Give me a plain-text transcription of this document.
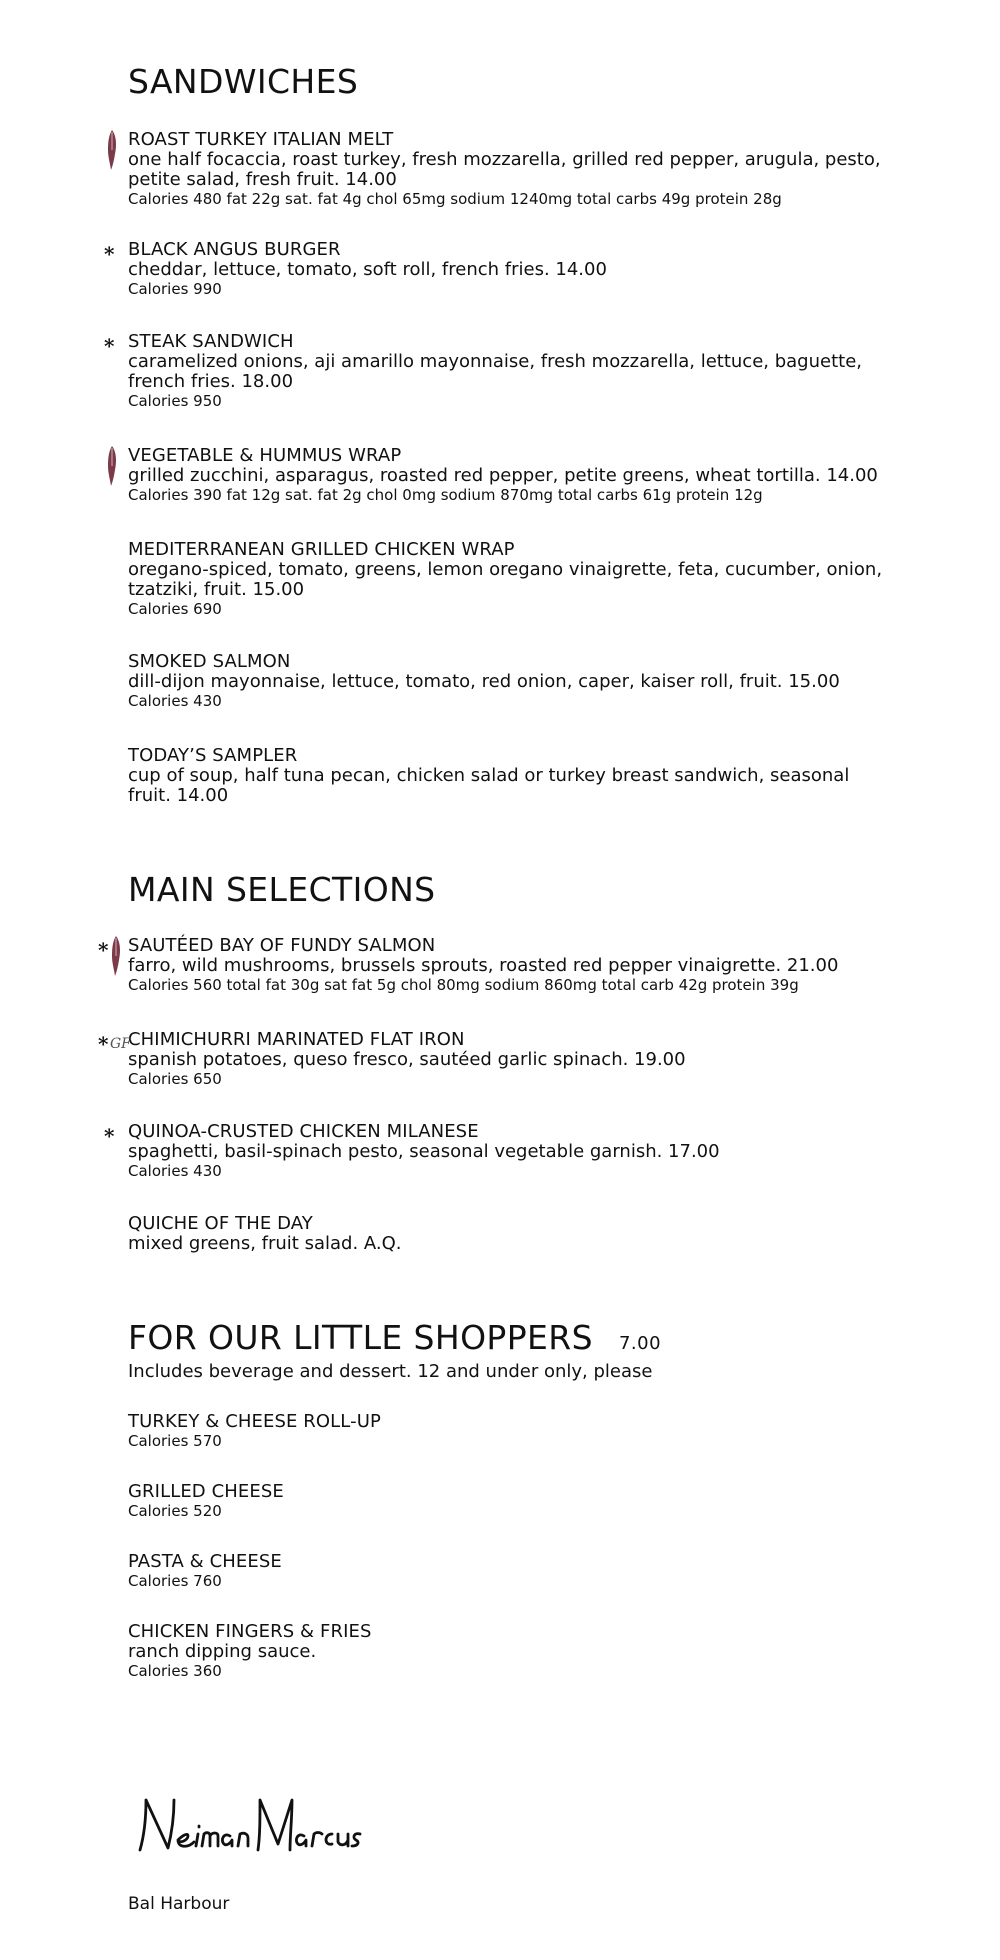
SANDWICHES
ROAST TURKEY ITALIAN MELT
one half focaccia, roast turkey, fresh mozzarella, grilled red pepper, arugula, pesto, petite salad, fresh fruit. 14.00
Calories 480 fat 22g sat. fat 4g chol 65mg sodium 1240mg total carbs 49g protein 28g
* BLACK ANGUS BURGER
cheddar, lettuce, tomato, soft roll, french fries. 14.00
Calories 990
* STEAK SANDWICH
caramelized onions, aji amarillo mayonnaise, fresh mozzarella, lettuce, baguette, french fries. 18.00
Calories 950
VEGETABLE & HUMMUS WRAP
grilled zucchini, asparagus, roasted red pepper, petite greens, wheat tortilla. 14.00
Calories 390 fat 12g sat. fat 2g chol 0mg sodium 870mg total carbs 61g protein 12g
MEDITERRANEAN GRILLED CHICKEN WRAP
oregano-spiced, tomato, greens, lemon oregano vinaigrette, feta, cucumber, onion, tzatziki, fruit. 15.00
Calories 690
SMOKED SALMON
dill-dijon mayonnaise, lettuce, tomato, red onion, caper, kaiser roll, fruit. 15.00
Calories 430
TODAY’S SAMPLER
cup of soup, half tuna pecan, chicken salad or turkey breast sandwich, seasonal fruit. 14.00
MAIN SELECTIONS
* SAUTÉED BAY OF FUNDY SALMON
farro, wild mushrooms, brussels sprouts, roasted red pepper vinaigrette. 21.00
Calories 560 total fat 30g sat fat 5g chol 80mg sodium 860mg total carb 42g protein 39g
* GF
CHIMICHURRI MARINATED FLAT IRON
spanish potatoes, queso fresco, sautéed garlic spinach. 19.00
Calories 650
* QUINOA-CRUSTED CHICKEN MILANESE
spaghetti, basil-spinach pesto, seasonal vegetable garnish. 17.00
Calories 430
QUICHE OF THE DAY
mixed greens, fruit salad. A.Q.
FOR OUR LITTLE SHOPPERS 7.00
Includes beverage and dessert. 12 and under only, please
TURKEY & CHEESE ROLL-UP
Calories 570
GRILLED CHEESE
Calories 520
PASTA & CHEESE
Calories 760
CHICKEN FINGERS & FRIES
ranch dipping sauce.
Calories 360
Bal Harbour
